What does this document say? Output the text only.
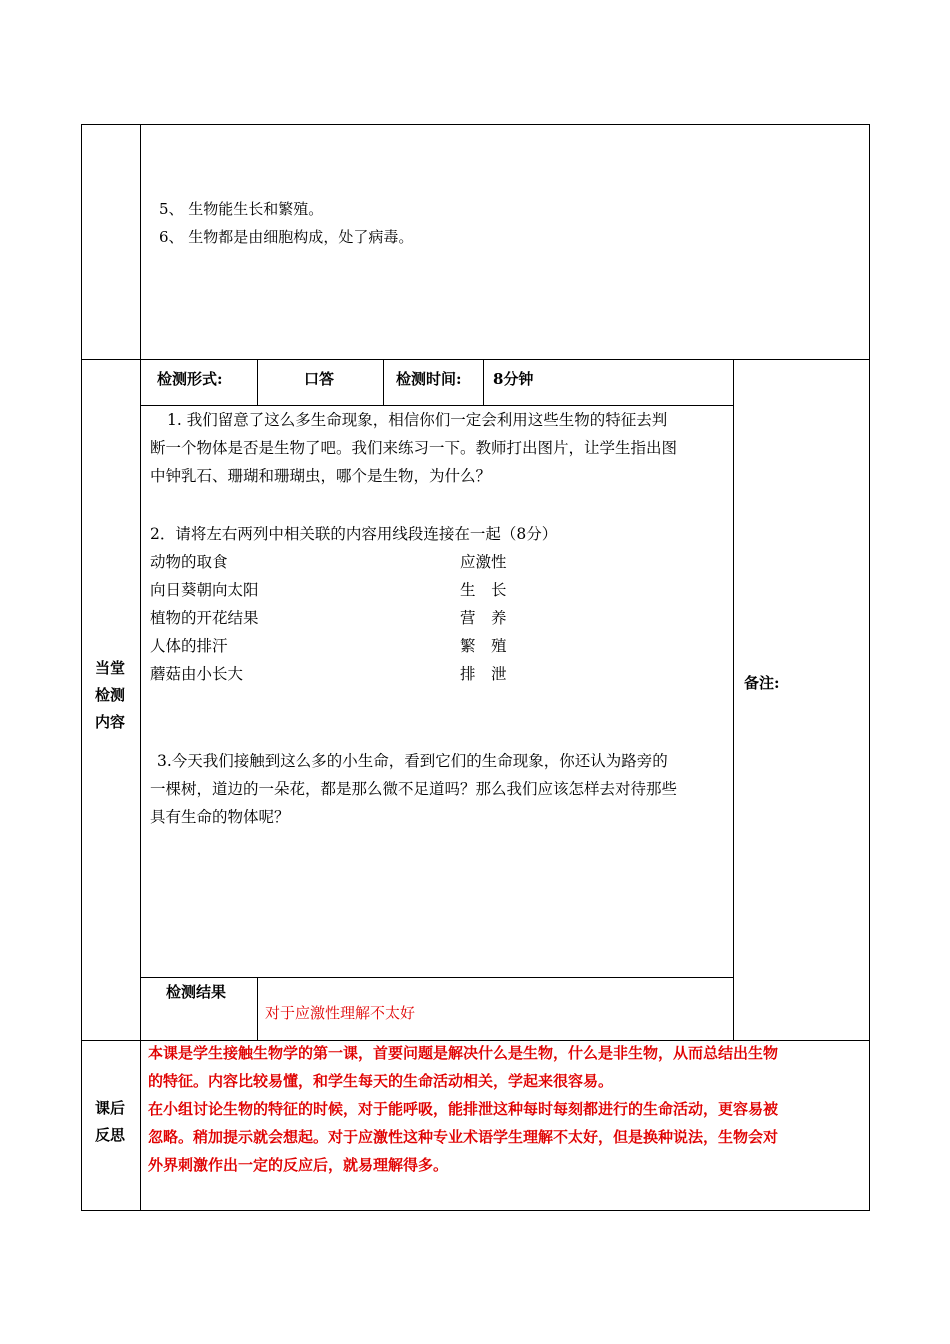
5、 生物能生长和繁殖。
6、 生物都是由细胞构成，处了病毒。
当堂
检测
内容
检测形式:	口答	检测时间: 8分钟
备注:
1. 我们留意了这么多生命现象，相信你们一定会利用这些生物的特征去判
断一个物体是否是生物了吧。我们来练习一下。教师打出图片，让学生指出图
中钟乳石、珊瑚和珊瑚虫，哪个是生物，为什么？
2．请将左右两列中相关联的内容用线段连接在一起（8分）
动物的取食
向日葵朝向太阳
植物的开花结果
人体的排汗
蘑菇由小长大
应激性
生　长
营　养
繁　殖
排　泄
3.今天我们接触到这么多的小生命，看到它们的生命现象，你还认为路旁的
一棵树，道边的一朵花，都是那么微不足道吗？那么我们应该怎样去对待那些
具有生命的物体呢？
检测结果
对于应激性理解不太好
课后
反思
本课是学生接触生物学的第一课，首要问题是解决什么是生物，什么是非生物，从而总结出生物
的特征。内容比较易懂，和学生每天的生命活动相关，学起来很容易。
在小组讨论生物的特征的时候，对于能呼吸，能排泄这种每时每刻都进行的生命活动，更容易被
忽略。稍加提示就会想起。对于应激性这种专业术语学生理解不太好，但是换种说法，生物会对
外界刺激作出一定的反应后，就易理解得多。
